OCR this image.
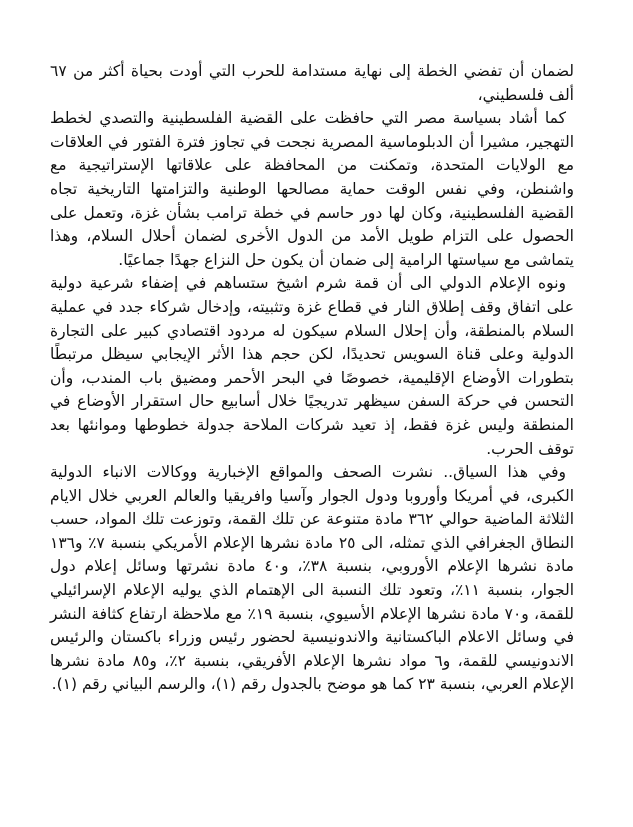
لضمان أن تفضي الخطة إلى نهاية مستدامة للحرب التي أودت بحياة أكثر من ٦٧ ألف فلسطيني،

كما أشاد بسياسة مصر التي حافظت على القضية الفلسطينية والتصدي لخطط التهجير، مشيرا أن الدبلوماسية المصرية نجحت في تجاوز فترة الفتور في العلاقات مع الولايات المتحدة، وتمكنت من المحافظة على علاقاتها الإستراتيجية مع واشنطن، وفي نفس الوقت حماية مصالحها الوطنية والتزامتها التاريخية تجاه القضية الفلسطينية، وكان لها دور حاسم في خطة ترامب بشأن غزة، وتعمل على الحصول على التزام طويل الأمد من الدول الأخرى لضمان أحلال السلام، وهذا يتماشى مع سياستها الرامية إلى ضمان أن يكون حل النزاع جهدًا جماعيًا.

ونوه الإعلام الدولي الى أن قمة شرم اشيخ ستساهم في إضفاء شرعية دولية على اتفاق وقف إطلاق النار في قطاع غزة وتثبيته، وإدخال شركاء جدد في عملية السلام بالمنطقة، وأن إحلال السلام سيكون له مردود اقتصادي كبير على التجارة الدولية وعلى قناة السويس تحديدًا، لكن حجم هذا الأثر الإيجابي سيظل مرتبطًا بتطورات الأوضاع الإقليمية، خصوصًا في البحر الأحمر ومضيق باب المندب، وأن التحسن في حركة السفن سيظهر تدريجيًا خلال أسابيع حال استقرار الأوضاع في المنطقة وليس غزة فقط، إذ تعيد شركات الملاحة جدولة خطوطها وموانئها بعد توقف الحرب.

وفي هذا السياق.. نشرت الصحف والمواقع الإخبارية ووكالات الانباء الدولية الكبرى، في أمريكا وأوروبا ودول الجوار وآسيا وافريقيا والعالم العربي خلال الايام الثلاثة الماضية حوالي ٣٦٢ مادة متنوعة عن تلك القمة، وتوزعت تلك المواد، حسب النطاق الجغرافي الذي تمثله، الى ٢٥ مادة نشرها الإعلام الأمريكي بنسبة ٧٪ و١٣٦ مادة نشرها الإعلام الأوروبي، بنسبة ٣٨٪، و٤٠ مادة نشرتها وسائل إعلام دول الجوار، بنسبة ١١٪، وتعود تلك النسبة الى الإهتمام الذي يوليه الإعلام الإسرائيلي للقمة، و٧٠ مادة نشرها الإعلام الأسيوي، بنسبة ١٩٪ مع ملاحظة ارتفاع كثافة النشر في وسائل الاعلام الباكستانية والاندونيسية لحضور رئيس وزراء باكستان والرئيس الاندونيسي للقمة، و٦ مواد نشرها الإعلام الأفريقي، بنسبة ٢٪، و٨٥ مادة نشرها الإعلام العربي، بنسبة ٢٣ كما هو موضح بالجدول رقم (١)، والرسم البياني رقم (١).
